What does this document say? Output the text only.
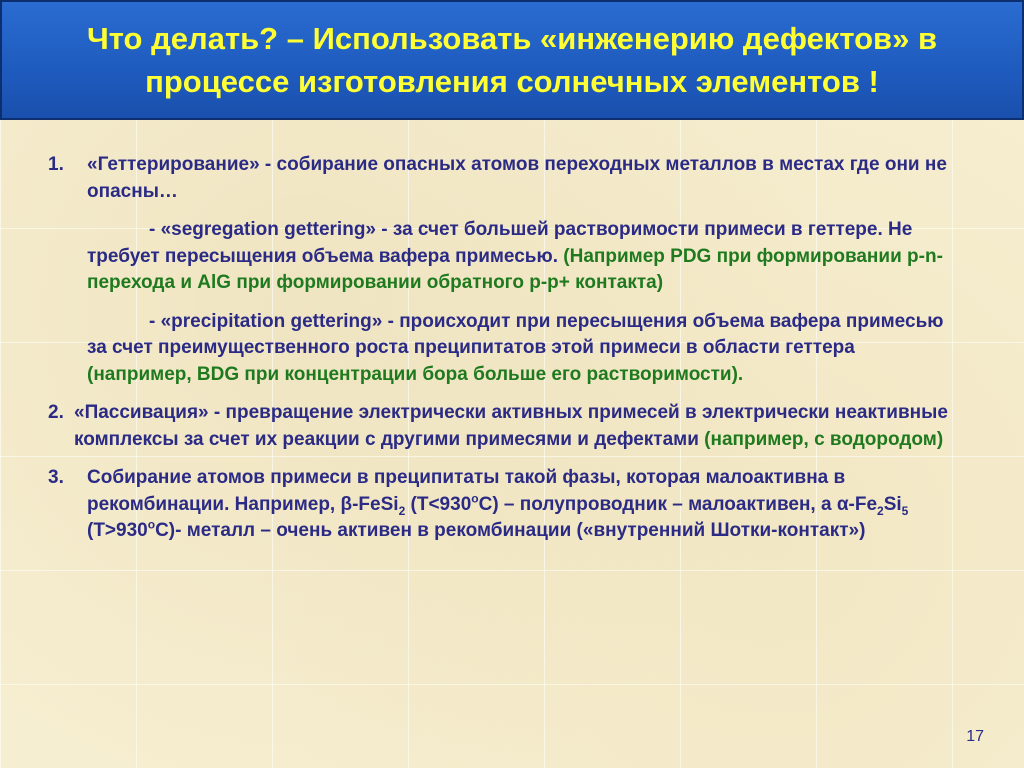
Что делать? – Использовать «инженерию дефектов» в процессе изготовления солнечных элементов !
1. «Геттерирование» - собирание опасных атомов переходных металлов в местах где они не опасны…
- «segregation gettering» - за счет большей растворимости примеси в геттере. Не требует пересыщения объема вафера примесью. (Например PDG при формировании p-n-перехода и AlG при формировании обратного p-p+ контакта)
- «precipitation gettering» - происходит при пересыщения объема вафера примесью за счет преимущественного роста преципитатов этой примеси в области геттера (например, BDG при концентрации бора больше его растворимости).
2. «Пассивация» - превращение электрически активных примесей в электрически неактивные комплексы за счет их реакции с другими примесями и дефектами (например, с водородом)
3. Собирание атомов примеси в преципитаты такой фазы, которая малоактивна в рекомбинации. Например, β-FeSi$_2$ $(T<930^oC)$ – полупроводник – малоактивен, а $\alpha-Fe_2Si_5$ $(T>930^oC)-$ металл – очень активен в рекомбинации («внутренний Шотки-контакт»)
17
